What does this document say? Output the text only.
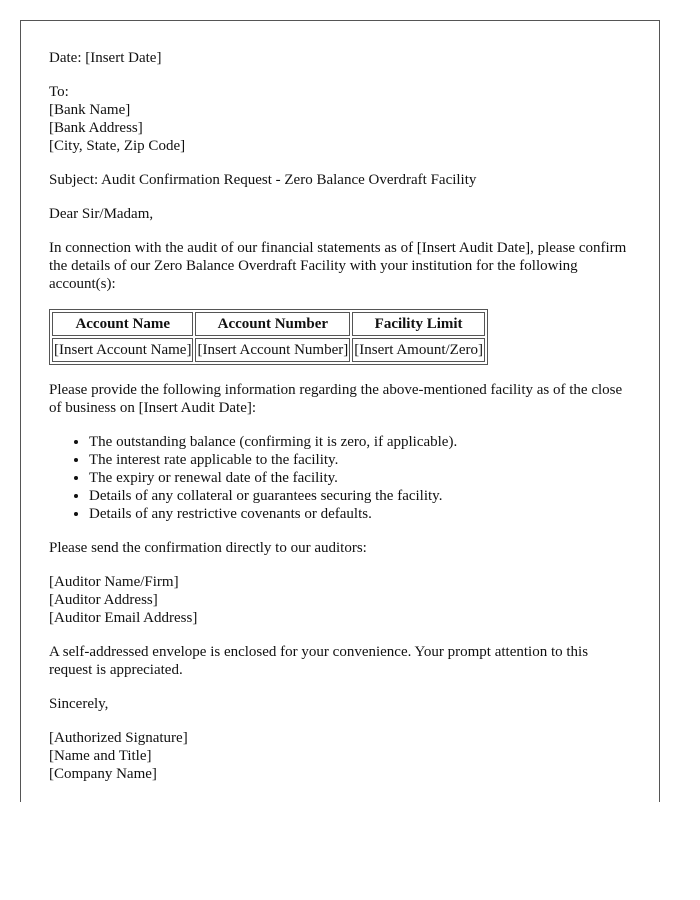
Date: [Insert Date]

To:
[Bank Name]
[Bank Address]
[City, State, Zip Code]

Subject: Audit Confirmation Request - Zero Balance Overdraft Facility

Dear Sir/Madam,

In connection with the audit of our financial statements as of [Insert Audit Date], please confirm the details of our Zero Balance Overdraft Facility with your institution for the following account(s):

Account Name	Account Number	Facility Limit
[Insert Account Name]	[Insert Account Number]	[Insert Amount/Zero]

Please provide the following information regarding the above-mentioned facility as of the close of business on [Insert Audit Date]:

• The outstanding balance (confirming it is zero, if applicable).
• The interest rate applicable to the facility.
• The expiry or renewal date of the facility.
• Details of any collateral or guarantees securing the facility.
• Details of any restrictive covenants or defaults.

Please send the confirmation directly to our auditors:

[Auditor Name/Firm]
[Auditor Address]
[Auditor Email Address]

A self-addressed envelope is enclosed for your convenience. Your prompt attention to this request is appreciated.

Sincerely,

[Authorized Signature]
[Name and Title]
[Company Name]
